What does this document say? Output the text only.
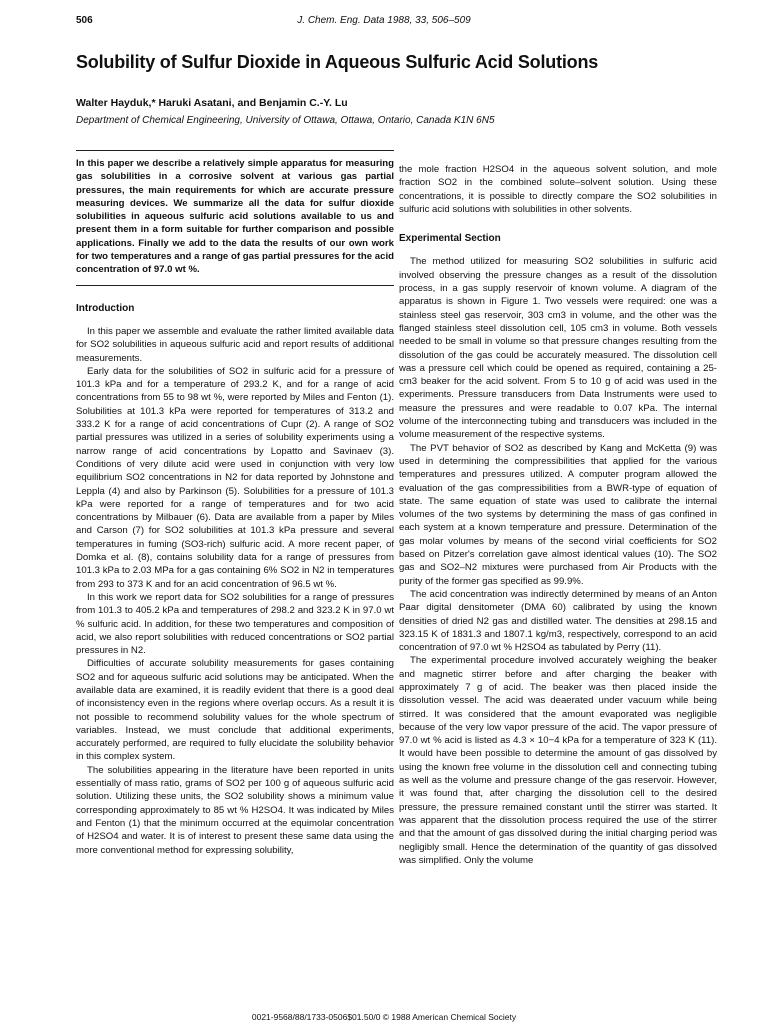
506	J. Chem. Eng. Data 1988, 33, 506–509
Solubility of Sulfur Dioxide in Aqueous Sulfuric Acid Solutions
Walter Hayduk,* Haruki Asatani, and Benjamin C.-Y. Lu
Department of Chemical Engineering, University of Ottawa, Ottawa, Ontario, Canada K1N 6N5
In this paper we describe a relatively simple apparatus for measuring gas solubilities in a corrosive solvent at various gas partial pressures, the main requirements for which are accurate pressure measuring devices. We summarize all the data for sulfur dioxide solubilities in aqueous sulfuric acid solutions available to us and present them in a form suitable for further comparison and possible applications. Finally we add to the data the results of our own work for two temperatures and a range of gas partial pressures for the acid concentration of 97.0 wt %.
Introduction

In this paper we assemble and evaluate the rather limited available data for SO2 solubilities in aqueous sulfuric acid and report results of additional measurements.

Early data for the solubilities of SO2 in sulfuric acid for a pressure of 101.3 kPa and for a temperature of 293.2 K, and for a range of acid concentrations from 55 to 98 wt %, were reported by Miles and Fenton (1). Solubilities at 101.3 kPa were reported for temperatures of 313.2 and 333.2 K for a range of acid concentrations of Cupr (2). A range of SO2 partial pressures was utilized in a series of solubility experiments using a narrow range of acid concentrations by Lopatto and Savinaev (3). Conditions of very dilute acid were used in conjunction with very low equilibrium SO2 concentrations in N2 for data reported by Johnstone and Leppla (4) and also by Parkinson (5). Solubilities for a pressure of 101.3 kPa were reported for a range of temperatures and for two acid concentrations by Milbauer (6). Data are available from a paper by Miles and Carson (7) for SO2 solubilities at 101.3 kPa pressure and several temperatures in fuming (SO3-rich) sulfuric acid. A more recent paper, of Domka et al. (8), contains solubility data for a range of pressures from 101.3 kPa to 2.03 MPa for a gas containing 6% SO2 in N2 in temperatures from 293 to 373 K and for an acid concentration of 96.5 wt %.

In this work we report data for SO2 solubilities for a range of pressures from 101.3 to 405.2 kPa and temperatures of 298.2 and 323.2 K in 97.0 wt % sulfuric acid. In addition, for these two temperatures and composition of acid, we also report solubilities with reduced concentrations or SO2 partial pressures in N2.

Difficulties of accurate solubility measurements for gases containing SO2 and for aqueous sulfuric acid solutions may be anticipated. When the available data are examined, it is readily evident that there is a good deal of inconsistency even in the regions where overlap occurs. As a result it is not possible to recommend solubility values for the whole spectrum of variables. Instead, we must conclude that additional experiments, accurately performed, are required to fully elucidate the solubility behavior in this complex system.

The solubilities appearing in the literature have been reported in units essentially of mass ratio, grams of SO2 per 100 g of aqueous sulfuric acid solution. Utilizing these units, the SO2 solubility shows a minimum value corresponding approximately to 85 wt % H2SO4. It was indicated by Miles and Fenton (1) that the minimum occurred at the equimolar concentration of H2SO4 and water. It is of interest to present these same data using the more conventional method for expressing solubility,

the mole fraction H2SO4 in the aqueous solvent solution, and mole fraction SO2 in the combined solute–solvent solution. Using these concentrations, it is possible to directly compare the SO2 solubilities in sulfuric acid solutions with solubilities in other solvents.

Experimental Section

The method utilized for measuring SO2 solubilities in sulfuric acid involved observing the pressure changes as a result of the dissolution process, in a gas supply reservoir of known volume. A diagram of the apparatus is shown in Figure 1. Two vessels were required: one was a stainless steel gas reservoir, 303 cm3 in volume, and the other was the flanged stainless steel dissolution cell, 105 cm3 in volume. Both vessels needed to be small in volume so that pressure changes resulting from the dissolution of the gas could be accurately measured. The dissolution cell was a pressure cell which could be opened as required, containing a 25-cm3 beaker for the acid solvent. From 5 to 10 g of acid was used in the experiments. Pressure transducers from Data Instruments were used to measure the pressures and were readable to 0.07 kPa. The internal volume of the interconnecting tubing and transducers was included in the volume measurement of the respective systems.

The PVT behavior of SO2 as described by Kang and McKetta (9) was used in determining the compressibilities that applied for the various temperatures and pressures utilized. A computer program allowed the evaluation of the gas compressibilities from a BWR-type of equation of state. The same equation of state was used to calibrate the internal volumes of the two systems by determining the mass of gas confined in each system at a known temperature and pressure. Determination of the gas molar volumes by means of the second virial coefficients for SO2 based on Pitzer's correlation gave almost identical values (10). The SO2 gas and SO2–N2 mixtures were purchased from Air Products with the purity of the former gas specified as 99.9%.

The acid concentration was indirectly determined by means of an Anton Paar digital densitometer (DMA 60) calibrated by using the known densities of dried N2 gas and distilled water. The densities at 298.15 and 323.15 K of 1831.3 and 1807.1 kg/m3, respectively, correspond to an acid concentration of 97.0 wt % H2SO4 as tabulated by Perry (11).

The experimental procedure involved accurately weighing the beaker and magnetic stirrer before and after charging the beaker with approximately 7 g of acid. The beaker was then placed inside the dissolution vessel. The acid was deaerated under vacuum while being stirred. It was considered that the amount evaporated was negligible because of the very low vapor pressure of the acid. The vapor pressure of 97.0 wt % acid is listed as 4.3 × 10−4 kPa for a temperature of 323 K (11). It would have been possible to determine the amount of gas dissolved by using the known free volume in the dissolution cell and connecting tubing as well as the volume and pressure change of the gas reservoir. However, it was found that, after charging the dissolution cell to the desired pressure, the pressure remained constant until the stirrer was started. It was apparent that the dissolution process required the use of the stirrer and that the amount of gas dissolved during the initial charging period was negligibly small. Hence the determination of the quantity of gas dissolved was simplified. Only the volume

0021-9568/88/1733-0506$01.50/0 © 1988 American Chemical Society
